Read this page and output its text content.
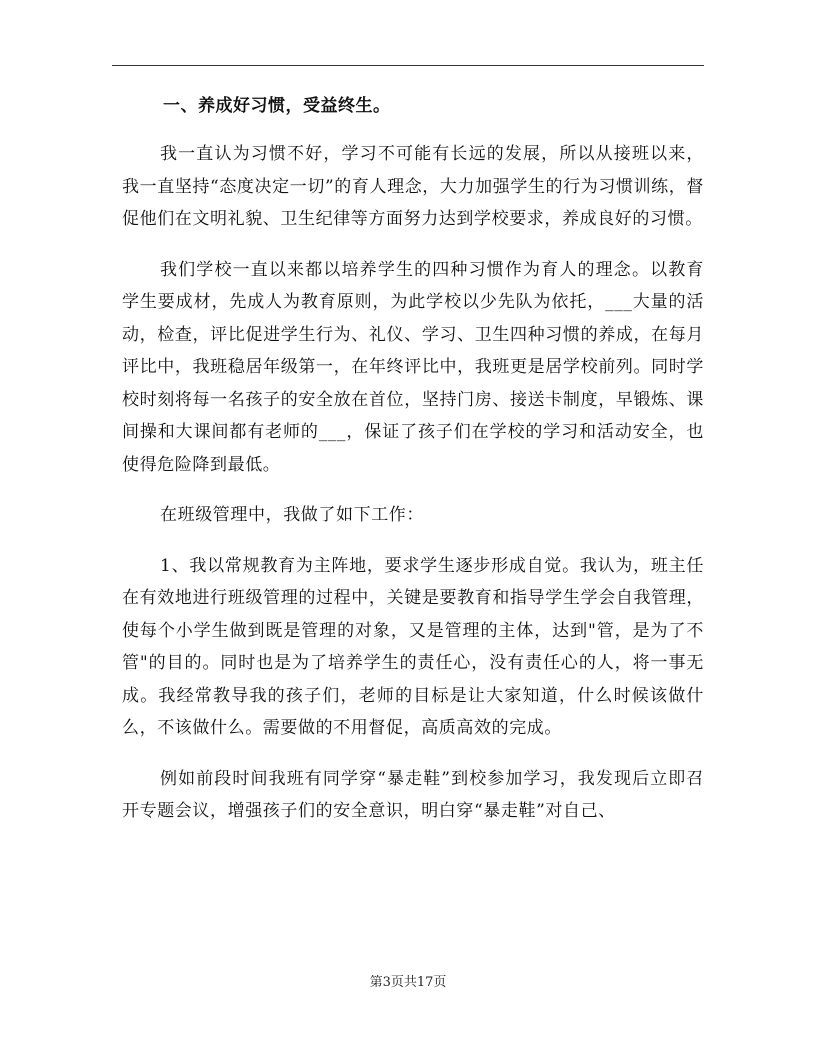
一、养成好习惯，受益终生。

我一直认为习惯不好，学习不可能有长远的发展，所以从接班以来，我一直坚持“态度决定一切”的育人理念，大力加强学生的行为习惯训练，督促他们在文明礼貌、卫生纪律等方面努力达到学校要求，养成良好的习惯。

我们学校一直以来都以培养学生的四种习惯作为育人的理念。以教育学生要成材，先成人为教育原则，为此学校以少先队为依托，___大量的活动，检查，评比促进学生行为、礼仪、学习、卫生四种习惯的养成，在每月评比中，我班稳居年级第一，在年终评比中，我班更是居学校前列。同时学校时刻将每一名孩子的安全放在首位，坚持门房、接送卡制度，早锻炼、课间操和大课间都有老师的___，保证了孩子们在学校的学习和活动安全，也使得危险降到最低。

在班级管理中，我做了如下工作：

1、我以常规教育为主阵地，要求学生逐步形成自觉。我认为，班主任在有效地进行班级管理的过程中，关键是要教育和指导学生学会自我管理，使每个小学生做到既是管理的对象，又是管理的主体，达到"管，是为了不管"的目的。同时也是为了培养学生的责任心，没有责任心的人，将一事无成。我经常教导我的孩子们，老师的目标是让大家知道，什么时候该做什么，不该做什么。需要做的不用督促，高质高效的完成。

例如前段时间我班有同学穿“暴走鞋”到校参加学习，我发现后立即召开专题会议，增强孩子们的安全意识，明白穿“暴走鞋”对自己、

第3页共17页
